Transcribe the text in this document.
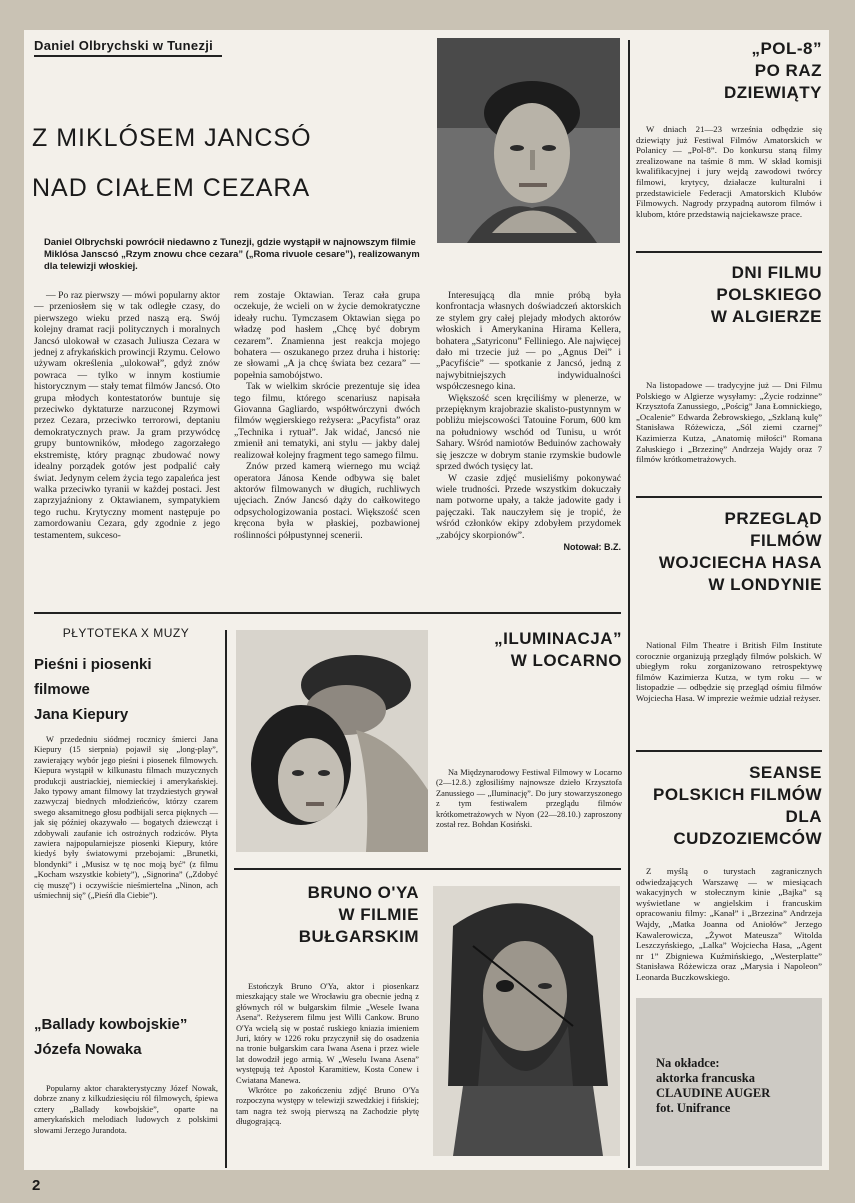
Daniel Olbrychski w Tunezji
Z MIKLÓSEM JANCSÓ
NAD CIAŁEM CEZARA

Daniel Olbrychski powrócił niedawno z Tunezji, gdzie wystąpił w najnowszym filmie Miklósa Janscsó „Rzym znowu chce cezara” („Roma rivuole cesare”), realizowanym dla telewizji włoskiej.

— Po raz pierwszy — mówi popularny aktor — przeniosłem się w tak odległe czasy, do pierwszego wieku przed naszą erą. Swój kolejny dramat racji politycznych i moralnych Jancsó ulokował w czasach Juliusza Cezara w jednej z afrykańskich prowincji Rzymu. Celowo używam określenia „ulokował”, gdyż znów powraca — tylko w innym kostiumie historycznym — stały temat filmów Jancsó. Oto grupa młodych kontestatorów buntuje się przeciwko dyktaturze narzuconej Rzymowi przez Cezara, przeciwko terrorowi, deptaniu demokratycznych praw. Ja gram przywódcę grupy buntowników, młodego zagorzałego ekstremistę, który pragnąc zbudować nowy idealny porządek gotów jest podpalić cały świat. Jedynym celem życia tego zapaleńca jest walka przeciwko tyranii w każdej postaci. Jest zaprzyjaźniony z Oktawianem, sympatykiem tego ruchu. Krytyczny moment następuje po zamordowaniu Cezara, gdy zgodnie z jego testamentem, sukceso-

rem zostaje Oktawian. Teraz cała grupa oczekuje, że wcieli on w życie demokratyczne ideały ruchu. Tymczasem Oktawian sięga po władzę pod hasłem „Chcę być dobrym cezarem”. Znamienna jest reakcja mojego bohatera — oszukanego przez druha i historię: ze słowami „A ja chcę świata bez cezara” — popełnia samobójstwo.

Tak w wielkim skrócie prezentuje się idea tego filmu, którego scenariusz napisała Giovanna Gagliardo, współtwórczyni dwóch filmów węgierskiego reżysera: „Pacyfista” oraz „Technika i rytuał”. Jak widać, Jancsó nie zmienił ani tematyki, ani stylu — jakby dalej realizował kolejny fragment tego samego filmu.

Znów przed kamerą wiernego mu wciąż operatora Jánosa Kende odbywa się balet aktorów filmowanych w długich, ruchliwych ujęciach. Znów Jancsó dąży do całkowitego odpsychologizowania postaci. Większość scen kręcona była w płaskiej, pozbawionej roślinności półpustynnej scenerii.

Interesującą dla mnie próbą była konfrontacja własnych doświadczeń aktorskich ze stylem gry całej plejady młodych aktorów włoskich i Amerykanina Hirama Kellera, bohatera „Satyriconu” Felliniego. Ale najwięcej dało mi trzecie już — po „Agnus Dei” i „Pacyfiście” — spotkanie z Jancsó, jedną z najwybitniejszych indywidualności współczesnego kina.

Większość scen kręciliśmy w plenerze, w przepięknym krajobrazie skalisto-pustynnym w pobliżu miejscowości Tatouine Forum, 600 km na południowy wschód od Tunisu, u wrót Sahary. Wśród namiotów Beduinów zachowały się jeszcze w dobrym stanie rzymskie budowle sprzed dwóch tysięcy lat.

W czasie zdjęć musieliśmy pokonywać wiele trudności. Przede wszystkim dokuczały nam potworne upały, a także jadowite gady i pajęczaki. Tak nauczyłem się je tropić, że wśród członków ekipy zdobyłem przydomek „zabójcy skorpionów”.

Notował: B.Z.

„POL-8”

PO RAZ

DZIEWIĄTY

W dniach 21—23 września odbędzie się dziewiąty już Festiwal Filmów Amatorskich w Polanicy — „Pol-8”. Do konkursu staną filmy zrealizowane na taśmie 8 mm. W skład komisji kwalifikacyjnej i jury wejdą zawodowi twórcy filmowi, krytycy, działacze kulturalni i przedstawiciele Federacji Amatorskich Klubów Filmowych. Nagrody przypadną autorom filmów i klubom, które przedstawią najciekawsze prace.

DNI FILMU

POLSKIEGO

W ALGIERZE

Na listopadowe — tradycyjne już — Dni Filmu Polskiego w Algierze wysyłamy: „Życie rodzinne” Krzysztofa Zanussiego, „Pościg” Jana Łomnickiego, „Ocalenie” Edwarda Żebrowskiego, „Szklaną kulę” Stanisława Różewicza, „Sól ziemi czarnej” Kazimierza Kutza, „Anatomię miłości” Romana Załuskiego i „Brzezinę” Andrzeja Wajdy oraz 7 filmów krótkometrażowych.

PRZEGLĄD

FILMÓW

WOJCIECHA HASA

W LONDYNIE

National Film Theatre i British Film Institute corocznie organizują przeglądy filmów polskich. W ubiegłym roku zorganizowano retrospektywę filmów Kazimierza Kutza, w tym roku — w listopadzie — odbędzie się przegląd ośmiu filmów Wojciecha Hasa. W imprezie weźmie udział reżyser.

SEANSE

POLSKICH FILMÓW

DLA CUDZOZIEMCÓW

Z myślą o turystach zagranicznych odwiedzających Warszawę — w miesiącach wakacyjnych w stołecznym kinie „Bajka” są wyświetlane w angielskim i francuskim opracowaniu filmy: „Kanał” i „Brzezina” Andrzeja Wajdy, „Matka Joanna od Aniołów” Jerzego Kawalerowicza, „Żywot Mateusza” Witolda Leszczyńskiego, „Lalka” Wojciecha Hasa, „Agent nr 1” Zbigniewa Kuźmińskiego, „Westerplatte” Stanisława Różewicza oraz „Marysia i Napoleon” Leonarda Buczkowskiego.

Na okładce:
aktorka francuska
CLAUDINE AUGER
fot. Unifrance
PŁYTOTEKA X MUZY
Pieśni i piosenki
filmowe
Jana Kiepury

W przededniu siódmej rocznicy śmierci Jana Kiepury (15 sierpnia) pojawił się „long-play”, zawierający wybór jego pieśni i piosenek filmowych. Kiepura wystąpił w kilkunastu filmach muzycznych produkcji austriackiej, niemieckiej i amerykańskiej. Jako typowy amant filmowy lat trzydziestych grywał zazwyczaj biednych młodzieńców, którzy czarem swego aksamitnego głosu podbijali serca pięknych — jak się później okazywało — bogatych dziewcząt i zdobywali zaufanie ich ostrożnych rodziców. Płyta zawiera najpopularniejsze piosenki Kiepury, które kiedyś były światowymi przebojami: „Brunetki, blondynki” i „Musisz w tę noc moją być” (z filmu „Kocham wszystkie kobiety”), „Signorina” („Zdobyć cię muszę”) i oczywiście nieśmiertelna „Ninon, ach uśmiechnij się” („Pieśń dla Ciebie”).

„Ballady kowbojskie”
Józefa Nowaka

Popularny aktor charakterystyczny Józef Nowak, dobrze znany z kilkudziesięciu ról filmowych, śpiewa cztery „Ballady kowbojskie”, oparte na amerykańskich melodiach ludowych z polskimi słowami Jerzego Jurandota.

„ILUMINACJA”

W LOCARNO

Na Międzynarodowy Festiwal Filmowy w Locarno (2—12.8.) zgłosiliśmy najnowsze dzieło Krzysztofa Zanussiego — „Iluminację”. Do jury stowarzyszonego z tym festiwalem przeglądu filmów krótkometrażowych w Nyon (22—28.10.) zaproszony został rez. Bohdan Kosiński.

BRUNO O'YA

W FILMIE

BUŁGARSKIM

Estończyk Bruno O'Ya, aktor i piosenkarz mieszkający stale we Wrocławiu gra obecnie jedną z głównych ról w bułgarskim filmie „Wesele Iwana Asena”. Reżyserem filmu jest Willi Cankow. Bruno O'Ya wcielą się w postać ruskiego kniazia imieniem Juri, który w 1226 roku przyczynił się do osadzenia na tronie bułgarskim cara Iwana Asena i przez wiele lat dowodził jego armią. W „Weselu Iwana Asena” występują też Apostoł Karamitiew, Kosta Conew i Cwiatana Manewa.

Wkrótce po zakończeniu zdjęć Bruno O'Ya rozpoczyna występy w telewizji szwedzkiej i fińskiej; tam nagra też swoją pierwszą na Zachodzie płytę długogrającą.

2
